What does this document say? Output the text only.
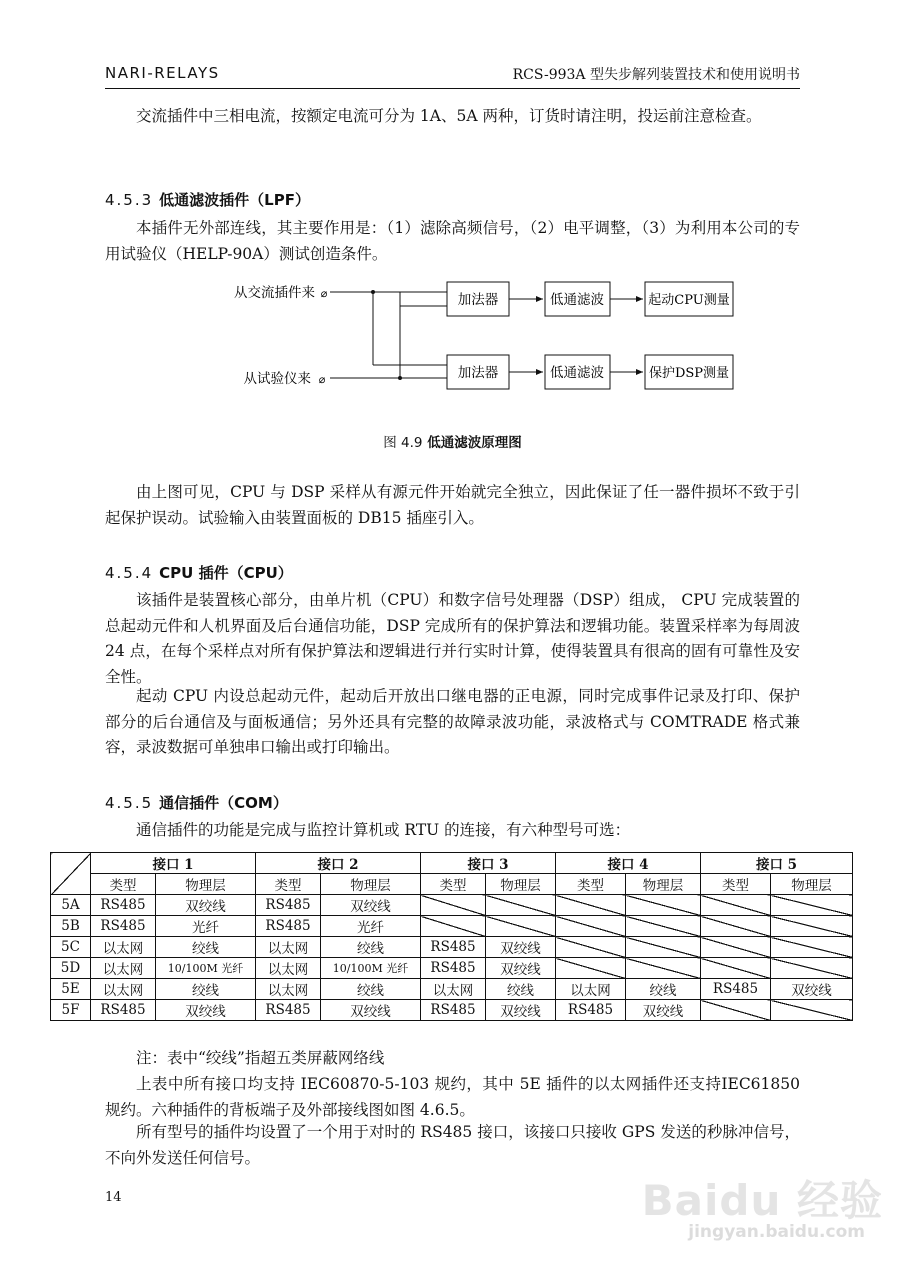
NARI-RELAYS	RCS-993A 型失步解列装置技术和使用说明书

交流插件中三相电流，按额定电流可分为 1A、5A 两种，订货时请注明，投运前注意检查。

4.5.3 低通滤波插件（LPF）

本插件无外部连线，其主要作用是：（1）滤除高频信号，（2）电平调整，（3）为利用本公司的专用试验仪（HELP-90A）测试创造条件。

从交流插件来 ⌀
从试验仪来 ⌀
加法器
加法器
低通滤波
低通滤波
起动CPU测量
保护DSP测量
图 4.9 低通滤波原理图

由上图可见，CPU 与 DSP 采样从有源元件开始就完全独立，因此保证了任一器件损坏不致于引起保护误动。试验输入由装置面板的 DB15 插座引入。

4.5.4 CPU 插件（CPU）

该插件是装置核心部分，由单片机（CPU）和数字信号处理器（DSP）组成， CPU 完成装置的总起动元件和人机界面及后台通信功能，DSP 完成所有的保护算法和逻辑功能。装置采样率为每周波 24 点，在每个采样点对所有保护算法和逻辑进行并行实时计算，使得装置具有很高的固有可靠性及安全性。

起动 CPU 内设总起动元件，起动后开放出口继电器的正电源，同时完成事件记录及打印、保护部分的后台通信及与面板通信；另外还具有完整的故障录波功能，录波格式与 COMTRADE 格式兼容，录波数据可单独串口输出或打印输出。

4.5.5 通信插件（COM）

通信插件的功能是完成与监控计算机或 RTU 的连接，有六种型号可选：

	接口 1		接口 2		接口 3		接口 4		接口 5	
	类型	物理层	类型	物理层	类型	物理层	类型	物理层	类型	物理层
5A	RS485	双绞线	RS485	双绞线						
5B	RS485	光纤	RS485	光纤						
5C	以太网	绞线	以太网	绞线	RS485	双绞线				
5D	以太网	10/100M 光纤	以太网	10/100M 光纤	RS485	双绞线				
5E	以太网	绞线	以太网	绞线	以太网	绞线	以太网	绞线	RS485	双绞线
5F	RS485	双绞线	RS485	双绞线	RS485	双绞线	RS485	双绞线		

注：表中“绞线”指超五类屏蔽网络线

上表中所有接口均支持 IEC60870-5-103 规约，其中 5E 插件的以太网插件还支持IEC61850 规约。六种插件的背板端子及外部接线图如图 4.6.5。

所有型号的插件均设置了一个用于对时的 RS485 接口，该接口只接收 GPS 发送的秒脉冲信号，不向外发送任何信号。

14	Baidu 经验
jingyan.baidu.com
